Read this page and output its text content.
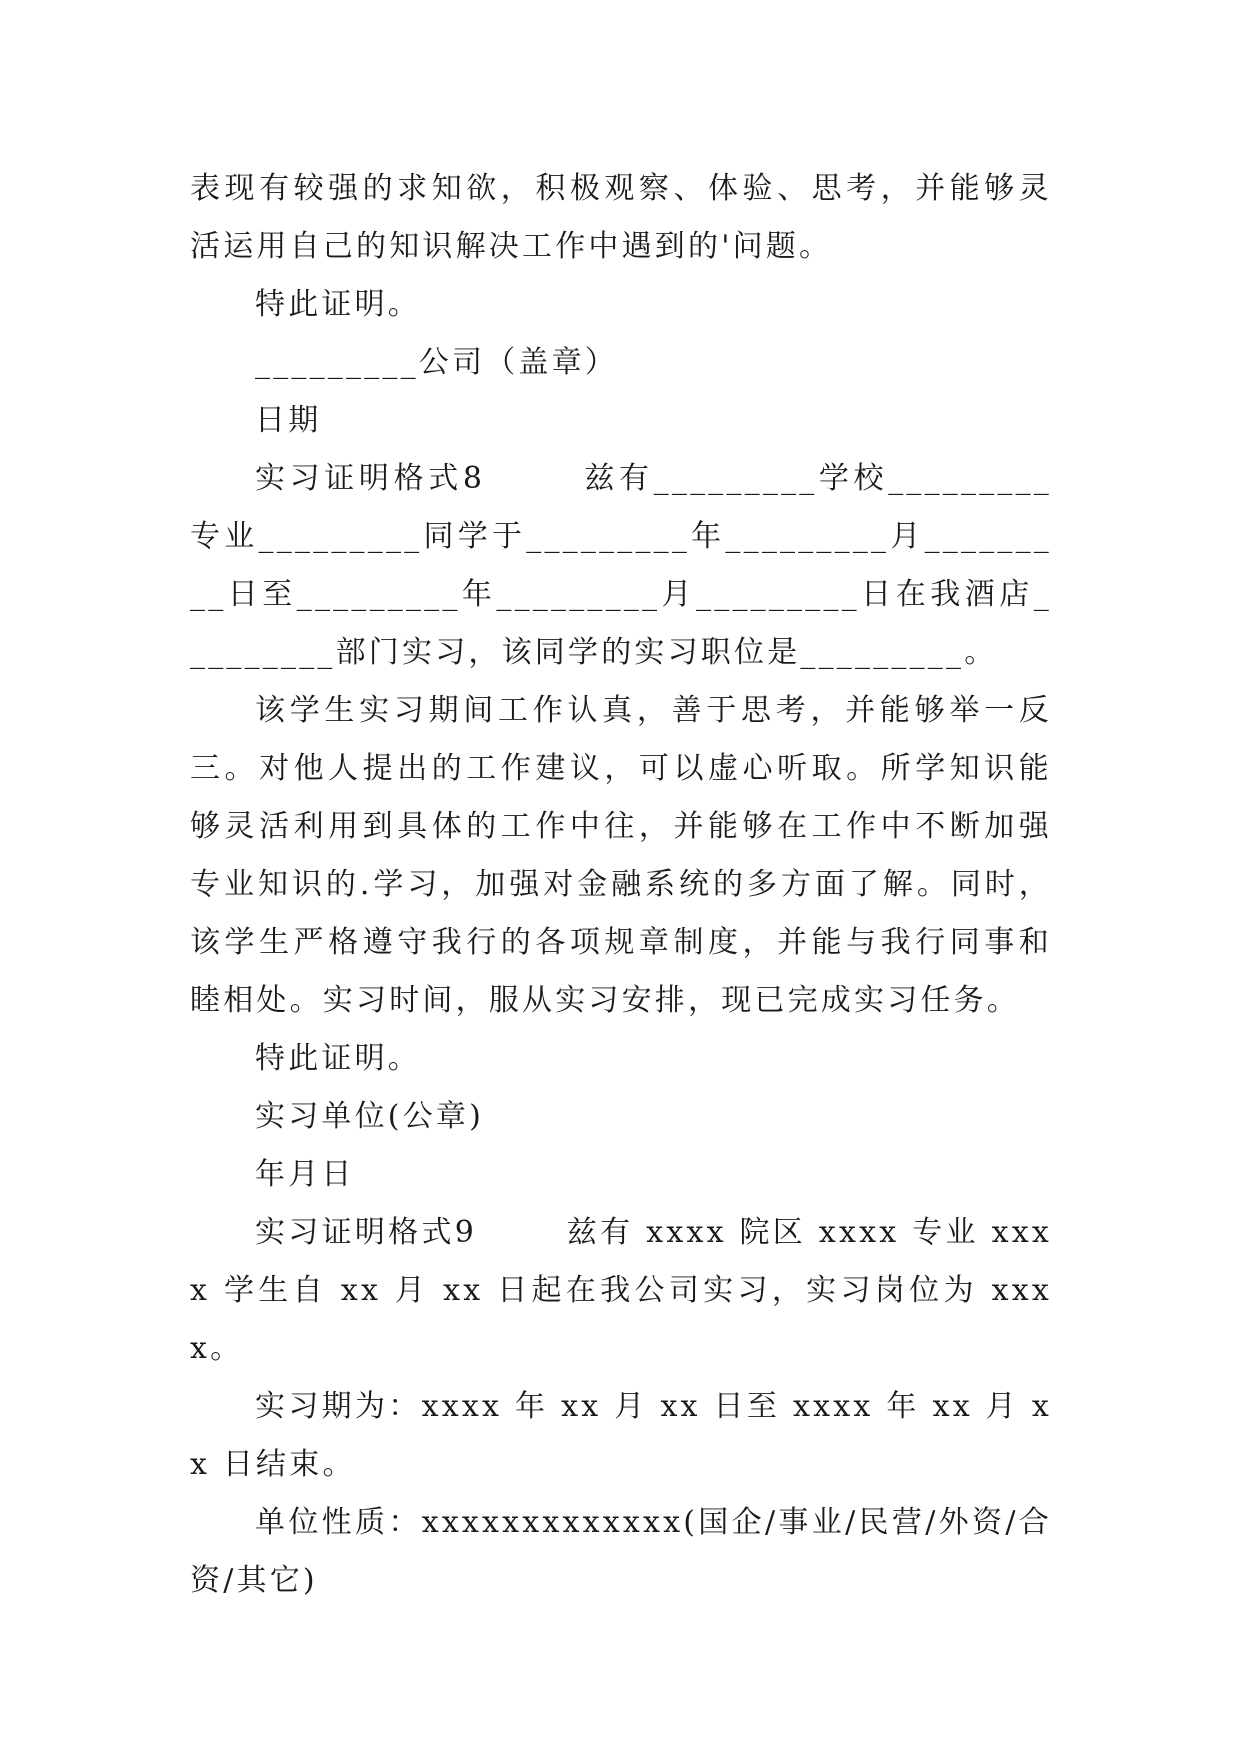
表现有较强的求知欲，积极观察、体验、思考，并能够灵活运用自己的知识解决工作中遇到的'问题。

特此证明。

_________公司（盖章）

日期

实习证明格式8       兹有_________学校_________专业_________同学于_________年_________月_________日至_________年_________月_________日在我酒店_________部门实习，该同学的实习职位是_________。

该学生实习期间工作认真，善于思考，并能够举一反三。对他人提出的工作建议，可以虚心听取。所学知识能够灵活利用到具体的工作中往，并能够在工作中不断加强专业知识的.学习，加强对金融系统的多方面了解。同时，该学生严格遵守我行的各项规章制度，并能与我行同事和睦相处。实习时间，服从实习安排，现已完成实习任务。

特此证明。

实习单位(公章)

年月日

实习证明格式9       兹有 xxxx 院区 xxxx 专业 xxxx 学生自 xx 月 xx 日起在我公司实习，实习岗位为 xxxx。

实习期为：xxxx 年 xx 月 xx 日至 xxxx 年 xx 月 xx 日结束。

单位性质：xxxxxxxxxxxxx(国企/事业/民营/外资/合资/其它)
